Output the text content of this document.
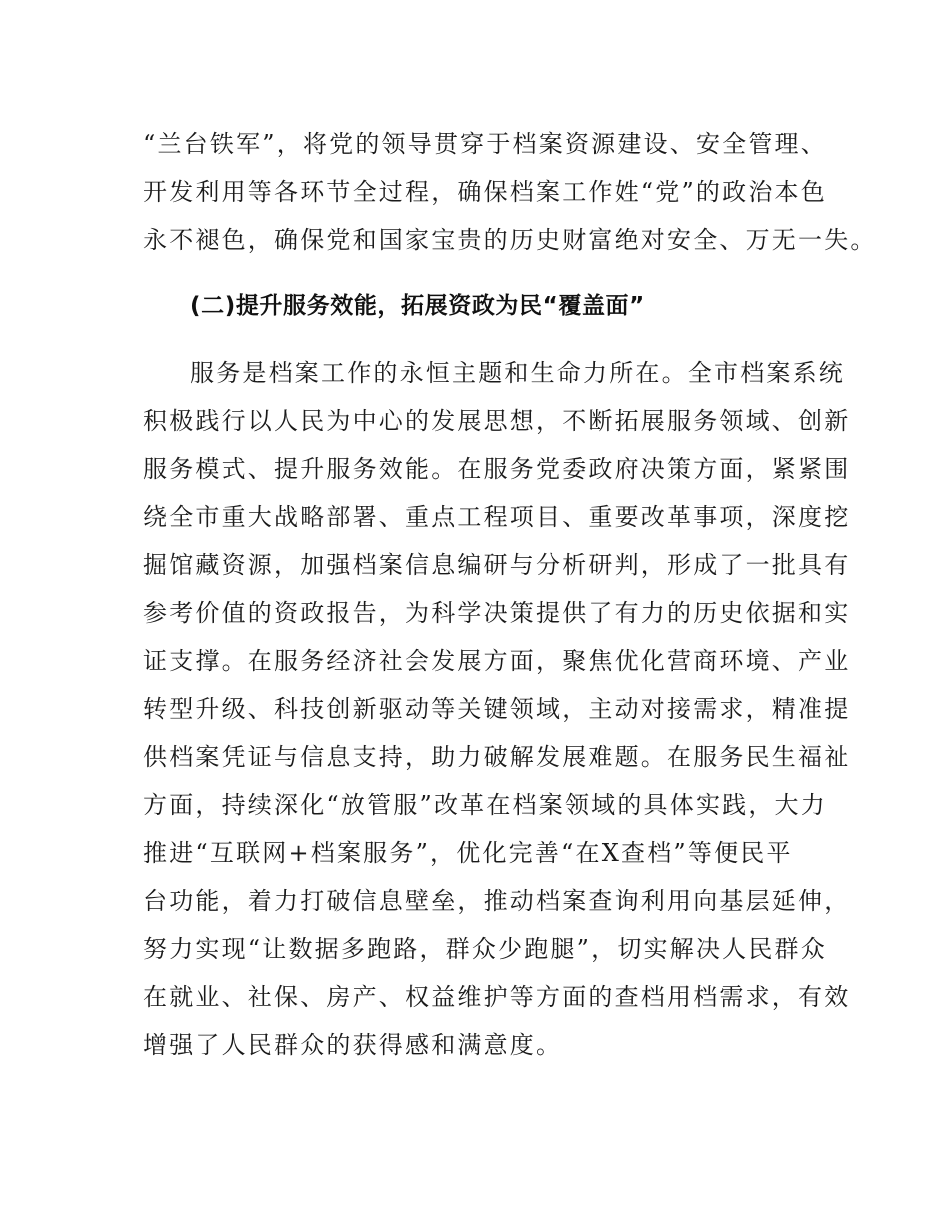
“兰台铁军”，将党的领导贯穿于档案资源建设、安全管理、
开发利用等各环节全过程，确保档案工作姓“党”的政治本色
永不褪色，确保党和国家宝贵的历史财富绝对安全、万无一失。
(二)提升服务效能，拓展资政为民“覆盖面”
服务是档案工作的永恒主题和生命力所在。全市档案系统
积极践行以人民为中心的发展思想，不断拓展服务领域、创新
服务模式、提升服务效能。在服务党委政府决策方面，紧紧围
绕全市重大战略部署、重点工程项目、重要改革事项，深度挖
掘馆藏资源，加强档案信息编研与分析研判，形成了一批具有
参考价值的资政报告，为科学决策提供了有力的历史依据和实
证支撑。在服务经济社会发展方面，聚焦优化营商环境、产业
转型升级、科技创新驱动等关键领域，主动对接需求，精准提
供档案凭证与信息支持，助力破解发展难题。在服务民生福祉
方面，持续深化“放管服”改革在档案领域的具体实践，大力
推进“互联网+档案服务”，优化完善“在X查档”等便民平
台功能，着力打破信息壁垒，推动档案查询利用向基层延伸，
努力实现“让数据多跑路，群众少跑腿”，切实解决人民群众
在就业、社保、房产、权益维护等方面的查档用档需求，有效
增强了人民群众的获得感和满意度。
